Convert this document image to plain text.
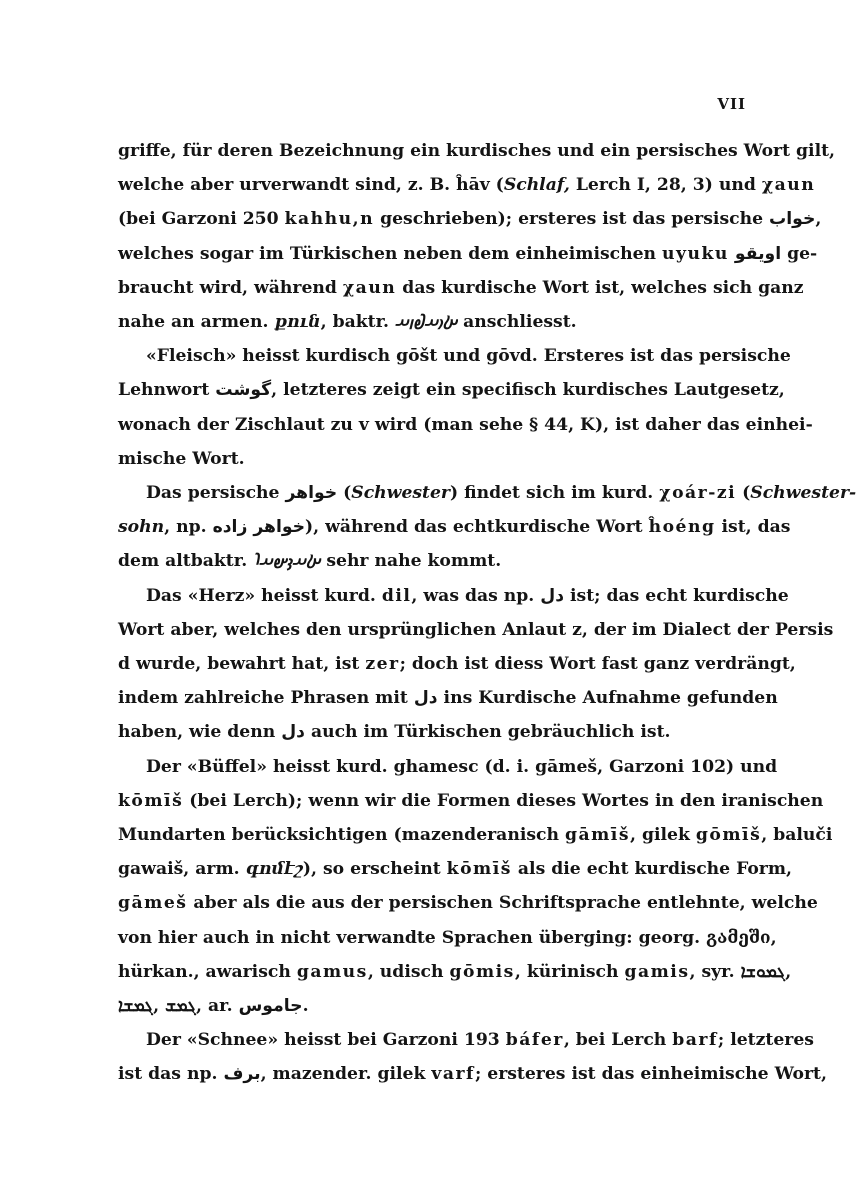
VII
griffe, für deren Bezeichnung ein kurdisches und ein persisches Wort gilt,
welche aber urverwandt sind, z. B. ĥāv (Schlaf, Lerch I, 28, 3) und χaun
(bei Garzoni 250 kahhu,n geschrieben); ersteres ist das persische خواب,
welches sogar im Türkischen neben dem einheimischen uyuku اويقو ge-
braucht wird, während χaun das kurdische Wort ist, welches sich ganz
nahe an armen. քուն, baktr. 𐬑𐬎𐬀𐬟𐬥𐬀 anschliesst.
«Fleisch» heisst kurdisch gōšt und gōvd. Ersteres ist das persische
Lehnwort گوشت, letzteres zeigt ein specifisch kurdisches Lautgesetz,
wonach der Zischlaut zu v wird (man sehe § 44, K), ist daher das einhei-
mische Wort.
Das persische خواهر (Schwester) findet sich im kurd. χoár-zi (Schwester-
sohn, np. خواهر زاده), während das echtkurdische Wort ĥoéng ist, das
dem altbaktr. 𐬑𐬀𐬢𐬵𐬀𐬭 sehr nahe kommt.
Das «Herz» heisst kurd. dil, was das np. دل ist; das echt kurdische
Wort aber, welches den ursprünglichen Anlaut z, der im Dialect der Persis
d wurde, bewahrt hat, ist zer; doch ist diess Wort fast ganz verdrängt,
indem zahlreiche Phrasen mit دل ins Kurdische Aufnahme gefunden
haben, wie denn دل auch im Türkischen gebräuchlich ist.
Der «Büffel» heisst kurd. ghamesc (d. i. gāmeš, Garzoni 102) und
kōmīš (bei Lerch); wenn wir die Formen dieses Wortes in den iranischen
Mundarten berücksichtigen (mazenderanisch gāmīš, gilek gōmīš, baluči
gawaiš, arm. գոմէշ), so erscheint kōmīš als die echt kurdische Form,
gāmeš aber als die aus der persischen Schriftsprache entlehnte, welche
von hier auch in nicht verwandte Sprachen überging: georg. გამეში,
hürkan., awarisch gamus, udisch gōmis, kürinisch gamis, syr. ܓܡܘܫܐ,
ܓܡܫܐ, ܓܡܫ, ar. جاموس.
Der «Schnee» heisst bei Garzoni 193 báfer, bei Lerch barf; letzteres
ist das np. برف, mazender. gilek varf; ersteres ist das einheimische Wort,
